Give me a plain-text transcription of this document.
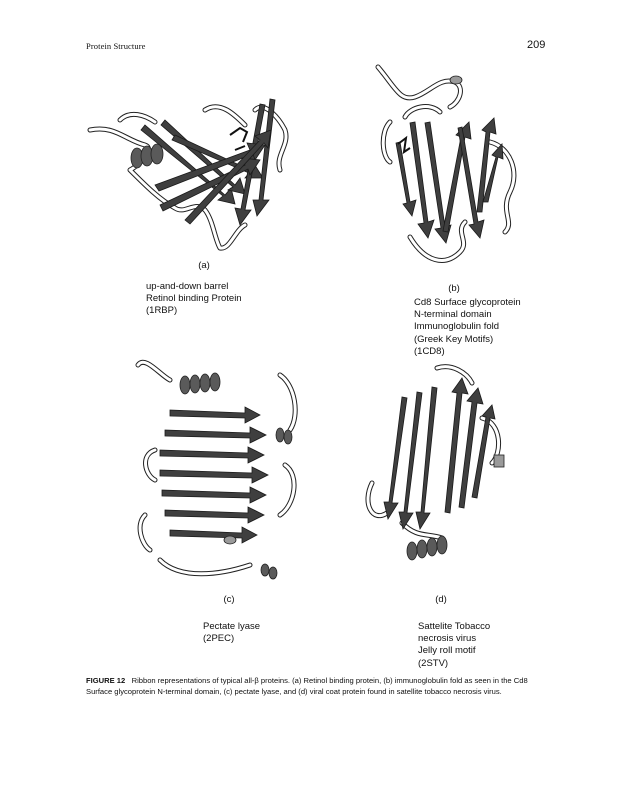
Protein Structure	209
(a)
up-and-down barrel
Retinol binding Protein
(1RBP)
(b)
Cd8 Surface glycoprotein
N-terminal domain
Immunoglobulin fold
(Greek Key Motifs)
(1CD8)
(c)
Pectate lyase
(2PEC)
(d)
Sattelite Tobacco
necrosis virus
Jelly roll motif
(2STV)
FIGURE 12 Ribbon representations of typical all-β proteins. (a) Retinol binding protein, (b) immunoglobulin fold as seen in the Cd8 Surface glycoprotein N-terminal domain, (c) pectate lyase, and (d) viral coat protein found in satellite tobacco necrosis virus.
